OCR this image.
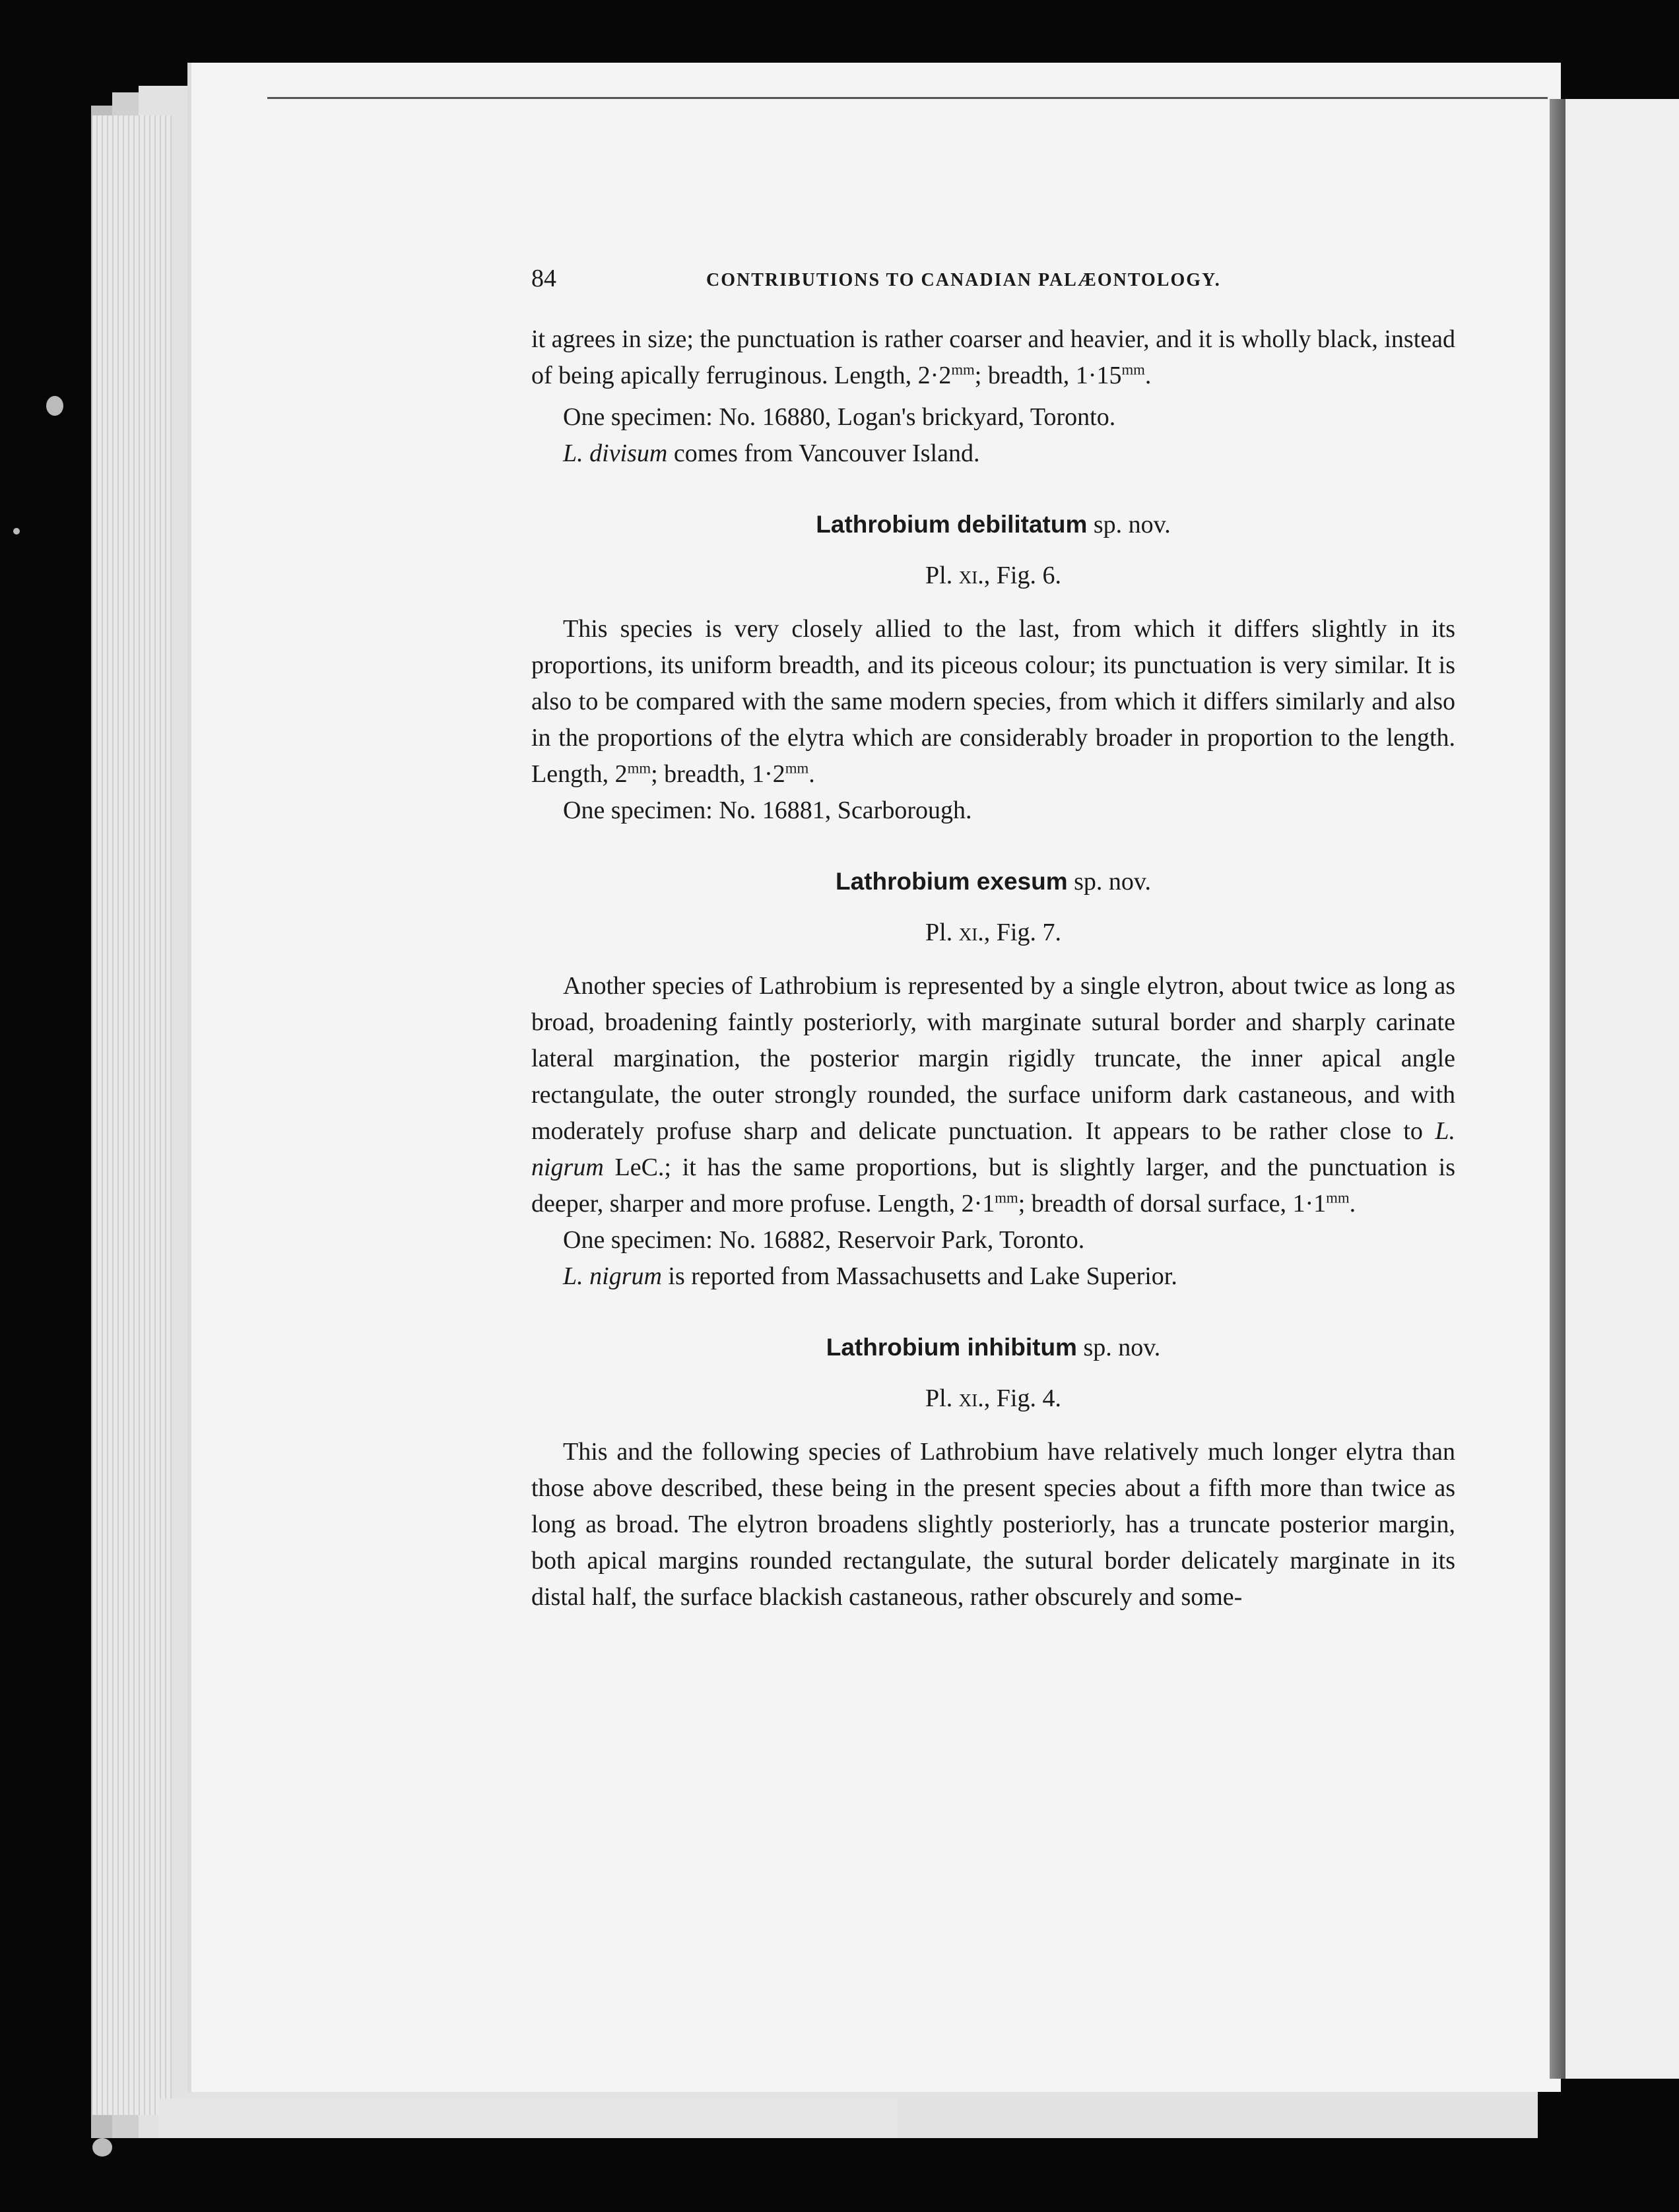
84	CONTRIBUTIONS TO CANADIAN PALÆONTOLOGY.

it agrees in size; the punctuation is rather coarser and heavier, and it is wholly black, instead of being apically ferruginous. Length, $2\cdot 2^{mm}$; breadth, $1\cdot 15^{mm}$.

One specimen: No. 16880, Logan's brickyard, Toronto.

L. divisum comes from Vancouver Island.

Lathrobium debilitatum sp. nov.
Pl. xi., Fig. 6.

This species is very closely allied to the last, from which it differs slightly in its proportions, its uniform breadth, and its piceous colour; its punctuation is very similar. It is also to be compared with the same modern species, from which it differs similarly and also in the proportions of the elytra which are considerably broader in proportion to the length. Length, $2^{mm}$; breadth, $1\cdot 2^{mm}$.

One specimen: No. 16881, Scarborough.

Lathrobium exesum sp. nov.
Pl. xi., Fig. 7.

Another species of Lathrobium is represented by a single elytron, about twice as long as broad, broadening faintly posteriorly, with marginate sutural border and sharply carinate lateral margination, the posterior margin rigidly truncate, the inner apical angle rectangulate, the outer strongly rounded, the surface uniform dark castaneous, and with moderately profuse sharp and delicate punctuation. It appears to be rather close to L. nigrum LeC.; it has the same proportions, but is slightly larger, and the punctuation is deeper, sharper and more profuse. Length, $2\cdot 1^{mm}$; breadth of dorsal surface, $1\cdot 1^{mm}$.

One specimen: No. 16882, Reservoir Park, Toronto.

L. nigrum is reported from Massachusetts and Lake Superior.

Lathrobium inhibitum sp. nov.
Pl. xi., Fig. 4.

This and the following species of Lathrobium have relatively much longer elytra than those above described, these being in the present species about a fifth more than twice as long as broad. The elytron broadens slightly posteriorly, has a truncate posterior margin, both apical margins rounded rectangulate, the sutural border delicately marginate in its distal half, the surface blackish castaneous, rather obscurely and some-
